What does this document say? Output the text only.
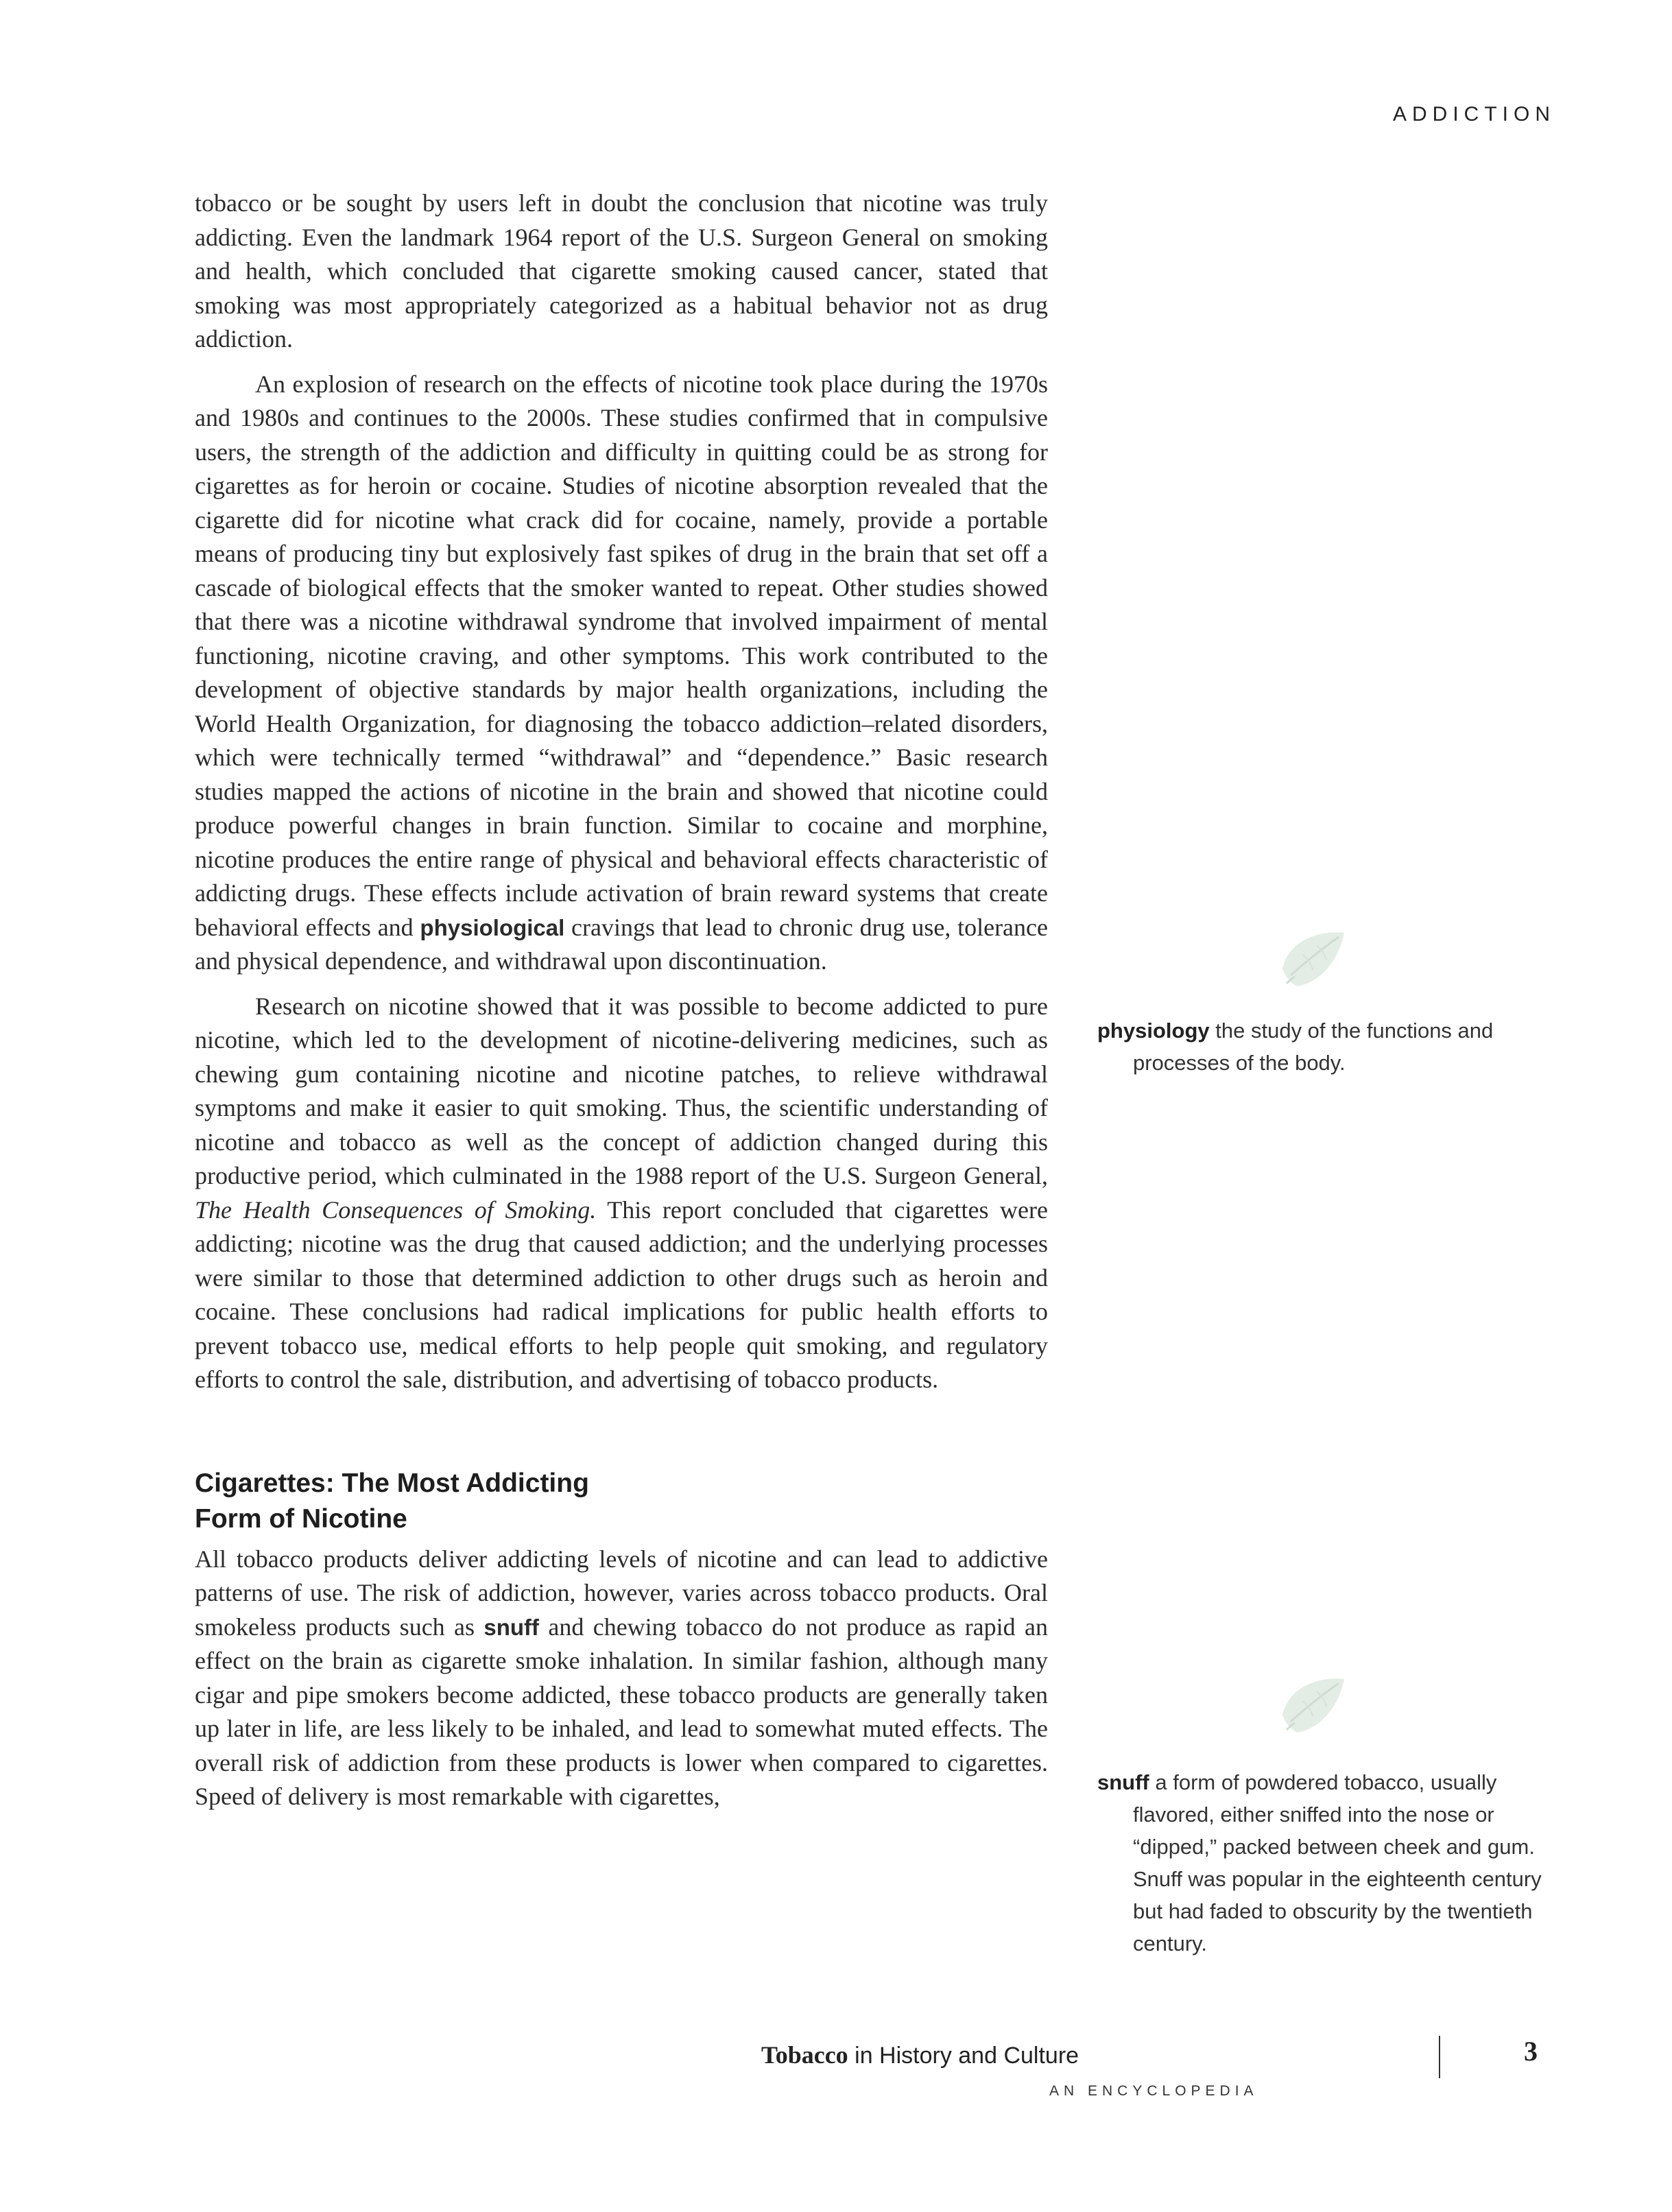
ADDICTION

tobacco or be sought by users left in doubt the conclusion that nicotine was truly addicting. Even the landmark 1964 report of the U.S. Surgeon General on smoking and health, which concluded that cigarette smoking caused cancer, stated that smoking was most appropriately categorized as a habitual behavior not as drug addiction.

An explosion of research on the effects of nicotine took place during the 1970s and 1980s and continues to the 2000s. These studies confirmed that in compulsive users, the strength of the addiction and difficulty in quitting could be as strong for cigarettes as for heroin or cocaine. Studies of nicotine absorption revealed that the cigarette did for nicotine what crack did for cocaine, namely, provide a portable means of producing tiny but explosively fast spikes of drug in the brain that set off a cascade of biological effects that the smoker wanted to repeat. Other studies showed that there was a nicotine withdrawal syndrome that involved impairment of mental functioning, nicotine craving, and other symptoms. This work contributed to the development of objective standards by major health organizations, including the World Health Organization, for diagnosing the tobacco addiction–related disorders, which were technically termed “withdrawal” and “dependence.” Basic research studies mapped the actions of nicotine in the brain and showed that nicotine could produce powerful changes in brain function. Similar to cocaine and morphine, nicotine produces the entire range of physical and behavioral effects characteristic of addicting drugs. These effects include activation of brain reward systems that create behavioral effects and physiological cravings that lead to chronic drug use, tolerance and physical dependence, and withdrawal upon discontinuation.

Research on nicotine showed that it was possible to become addicted to pure nicotine, which led to the development of nicotine-delivering medicines, such as chewing gum containing nicotine and nicotine patches, to relieve withdrawal symptoms and make it easier to quit smoking. Thus, the scientific understanding of nicotine and tobacco as well as the concept of addiction changed during this productive period, which culminated in the 1988 report of the U.S. Surgeon General, The Health Consequences of Smoking. This report concluded that cigarettes were addicting; nicotine was the drug that caused addiction; and the underlying processes were similar to those that determined addiction to other drugs such as heroin and cocaine. These conclusions had radical implications for public health efforts to prevent tobacco use, medical efforts to help people quit smoking, and regulatory efforts to control the sale, distribution, and advertising of tobacco products.

Cigarettes: The Most Addicting
Form of Nicotine

All tobacco products deliver addicting levels of nicotine and can lead to addictive patterns of use. The risk of addiction, however, varies across tobacco products. Oral smokeless products such as snuff and chewing tobacco do not produce as rapid an effect on the brain as cigarette smoke inhalation. In similar fashion, although many cigar and pipe smokers become addicted, these tobacco products are generally taken up later in life, are less likely to be inhaled, and lead to somewhat muted effects. The overall risk of addiction from these products is lower when compared to cigarettes. Speed of delivery is most remarkable with cigarettes,

physiology the study of the functions and processes of the body.
snuff a form of powdered tobacco, usually flavored, either sniffed into the nose or “dipped,” packed between cheek and gum. Snuff was popular in the eighteenth century but had faded to obscurity by the twentieth century.
Tobacco in History and Culture
AN ENCYCLOPEDIA
3
